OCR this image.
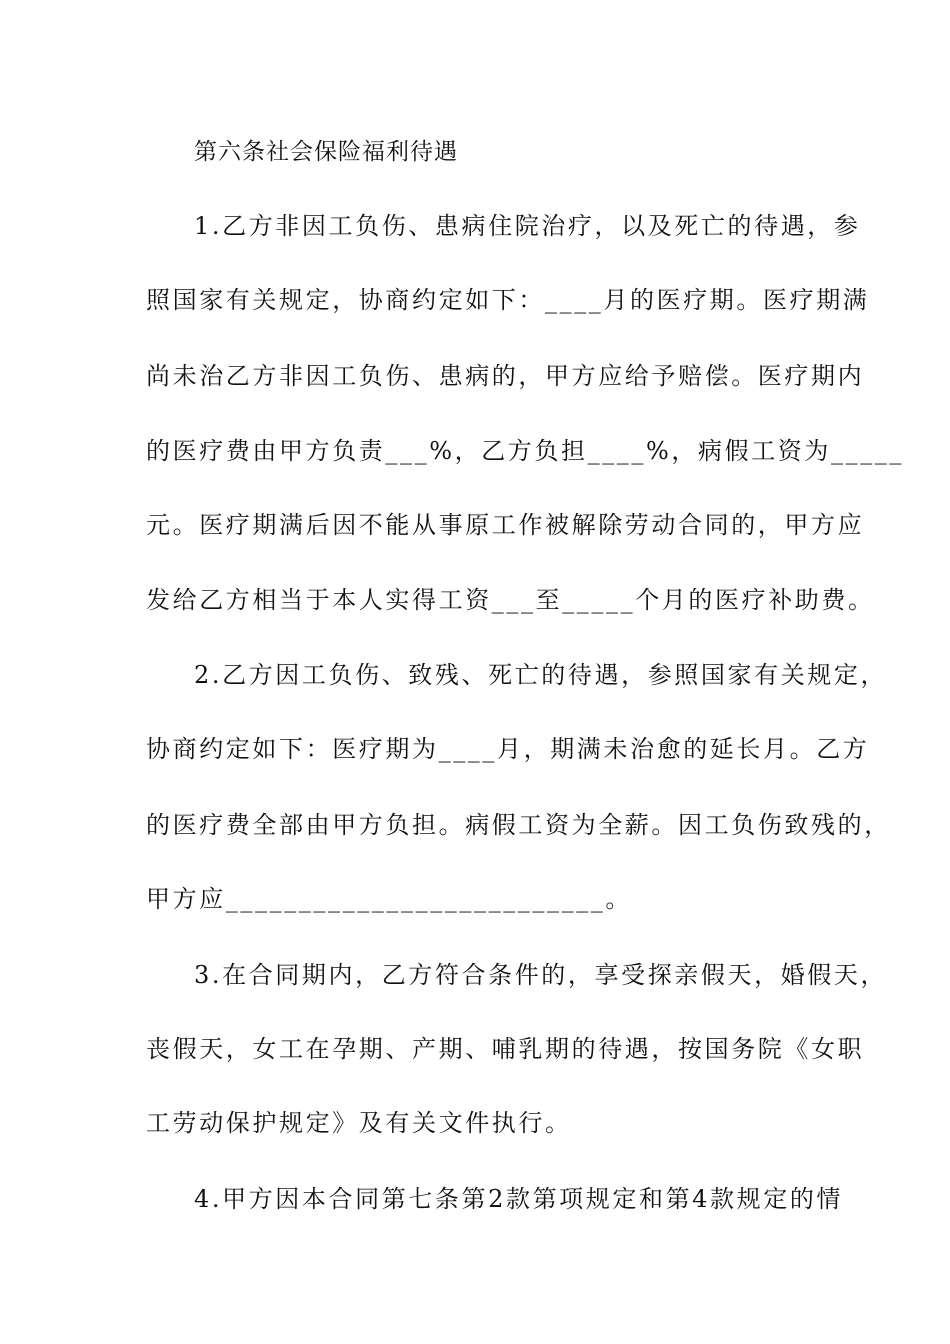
第六条社会保险福利待遇
1.乙方非因工负伤、患病住院治疗，以及死亡的待遇，参
照国家有关规定，协商约定如下：____月的医疗期。医疗期满
尚未治乙方非因工负伤、患病的，甲方应给予赔偿。医疗期内
的医疗费由甲方负责___%，乙方负担____%，病假工资为_____
元。医疗期满后因不能从事原工作被解除劳动合同的，甲方应
发给乙方相当于本人实得工资___至_____个月的医疗补助费。
2.乙方因工负伤、致残、死亡的待遇，参照国家有关规定，
协商约定如下：医疗期为____月，期满未治愈的延长月。乙方
的医疗费全部由甲方负担。病假工资为全薪。因工负伤致残的，
甲方应__________________________。
3.在合同期内，乙方符合条件的，享受探亲假天，婚假天，
丧假天，女工在孕期、产期、哺乳期的待遇，按国务院《女职
工劳动保护规定》及有关文件执行。
4.甲方因本合同第七条第2款第项规定和第4款规定的情
